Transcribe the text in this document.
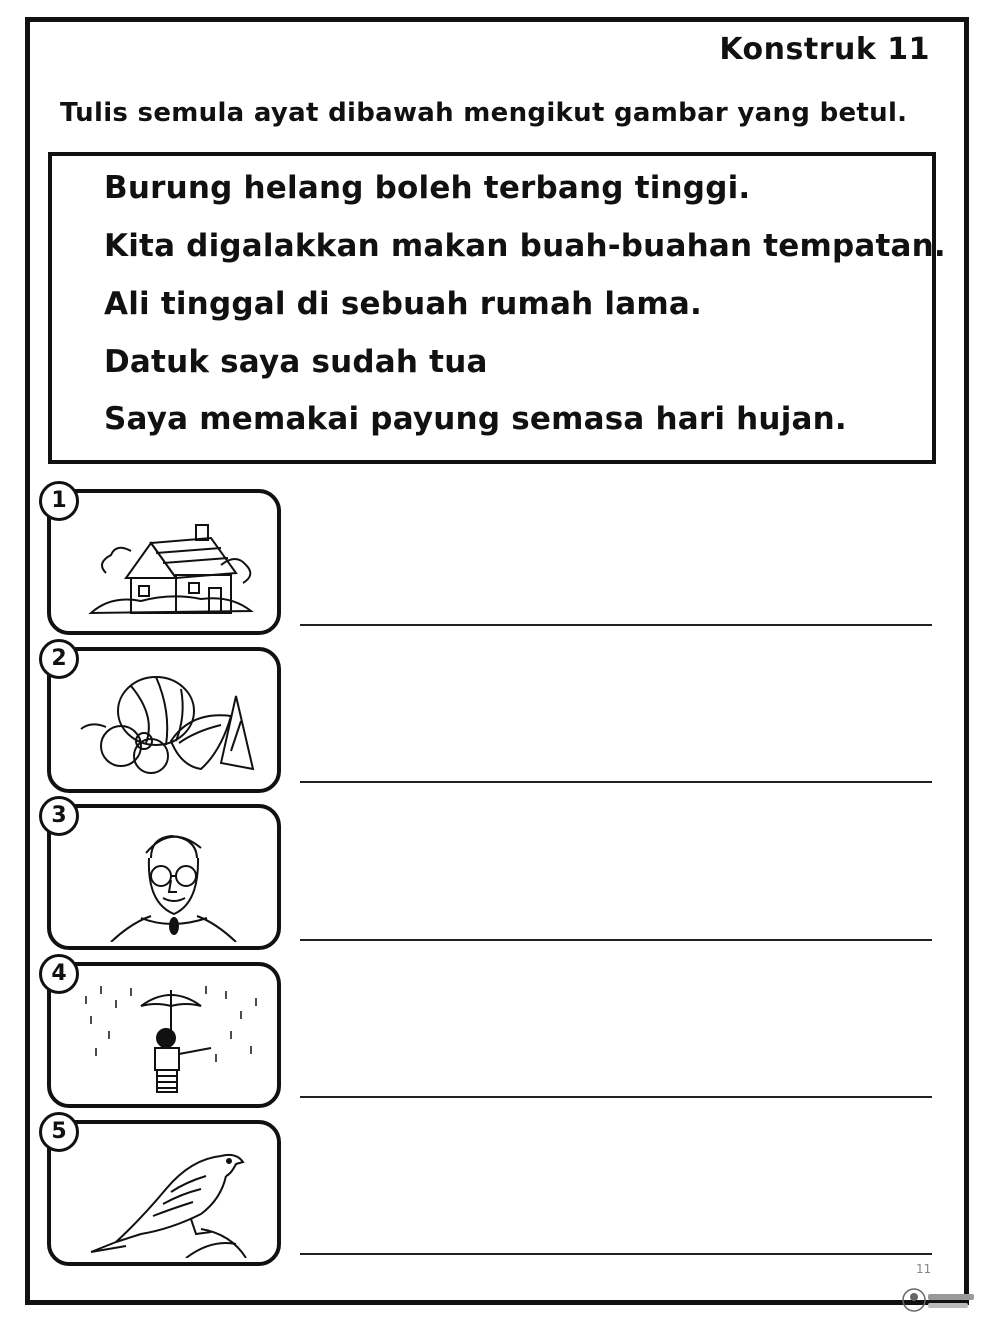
Konstruk 11
Tulis semula ayat dibawah mengikut gambar yang betul.
Burung helang boleh terbang tinggi.
Kita digalakkan makan buah-buahan tempatan.
Ali tinggal di sebuah rumah lama.
Datuk saya sudah tua
Saya memakai payung semasa hari hujan.
1
2
3
4
5
11
